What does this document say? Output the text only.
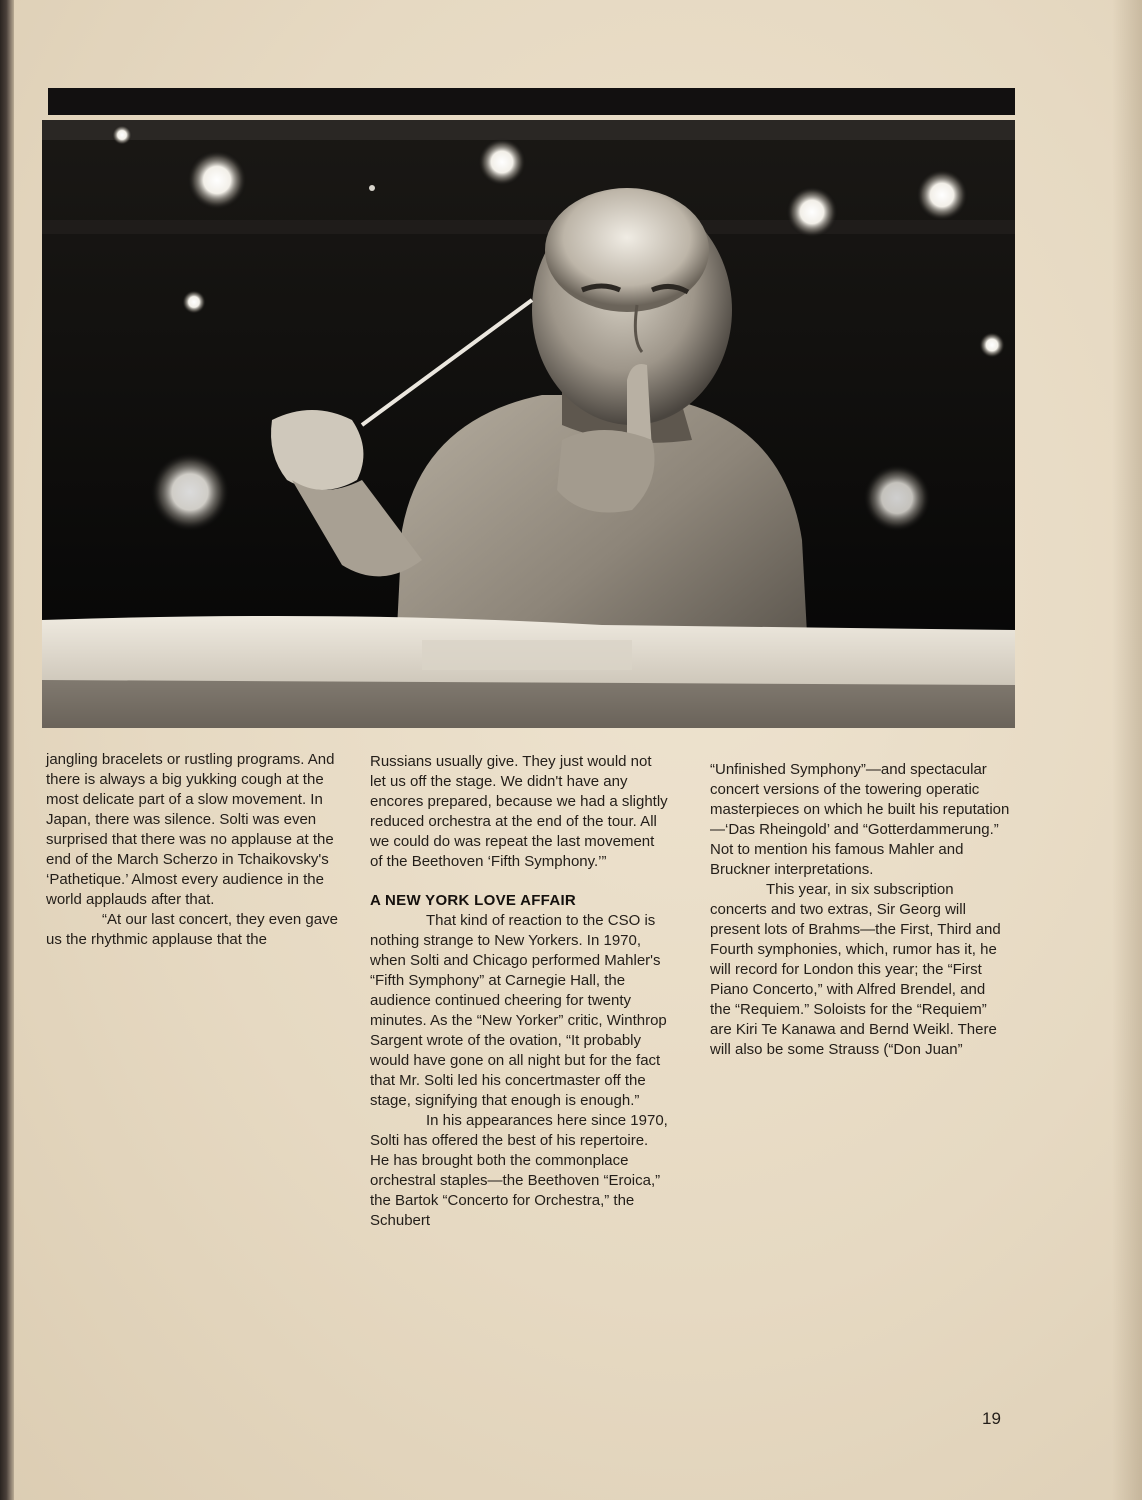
jangling bracelets or rustling programs. And there is always a big yukking cough at the most delicate part of a slow movement. In Japan, there was silence. Solti was even surprised that there was no applause at the end of the March Scherzo in Tchaikovsky's ‘Pathetique.’ Almost every audience in the world applauds after that.

“At our last concert, they even gave us the rhythmic applause that the

Russians usually give. They just would not let us off the stage. We didn't have any encores prepared, because we had a slightly reduced orchestra at the end of the tour. All we could do was repeat the last movement of the Beethoven ‘Fifth Symphony.’”

A NEW YORK LOVE AFFAIR

That kind of reaction to the CSO is nothing strange to New Yorkers. In 1970, when Solti and Chicago performed Mahler's “Fifth Symphony” at Carnegie Hall, the audience continued cheering for twenty minutes. As the “New Yorker” critic, Winthrop Sargent wrote of the ovation, “It probably would have gone on all night but for the fact that Mr. Solti led his concertmaster off the stage, signifying that enough is enough.”

In his appearances here since 1970, Solti has offered the best of his repertoire. He has brought both the commonplace orchestral staples—the Beethoven “Eroica,” the Bartok “Concerto for Orchestra,” the Schubert

“Unfinished Symphony”—and spectacular concert versions of the towering operatic masterpieces on which he built his reputation—‘Das Rheingold’ and “Gotterdammerung.” Not to mention his famous Mahler and Bruckner interpretations.

This year, in six subscription concerts and two extras, Sir Georg will present lots of Brahms—the First, Third and Fourth symphonies, which, rumor has it, he will record for London this year; the “First Piano Concerto,” with Alfred Brendel, and the “Requiem.” Soloists for the “Requiem” are Kiri Te Kanawa and Bernd Weikl. There will also be some Strauss (“Don Juan”

19
